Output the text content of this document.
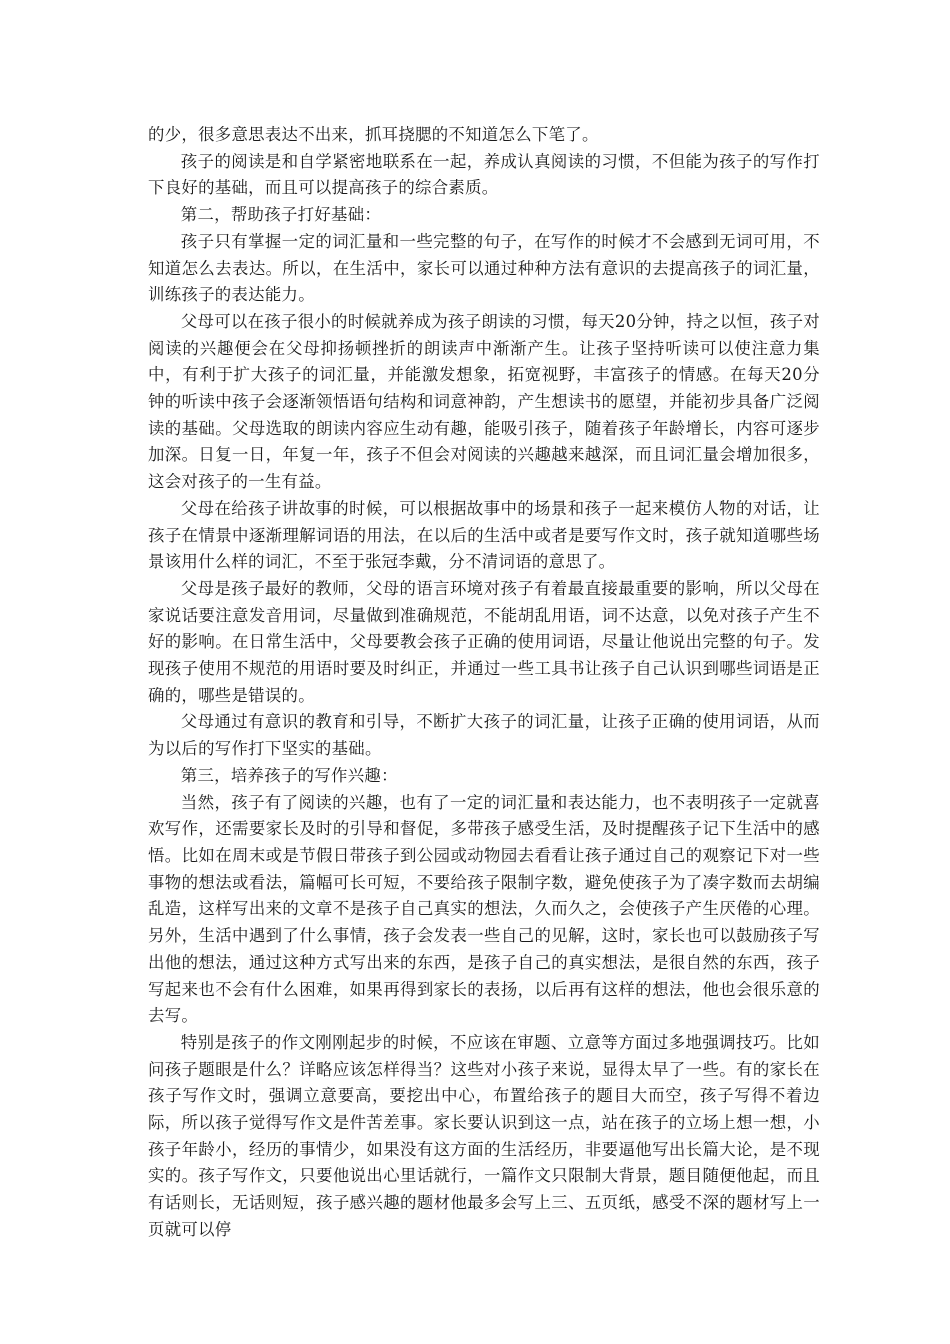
的少，很多意思表达不出来，抓耳挠腮的不知道怎么下笔了。

孩子的阅读是和自学紧密地联系在一起，养成认真阅读的习惯，不但能为孩子的写作打下良好的基础，而且可以提高孩子的综合素质。

第二，帮助孩子打好基础：

孩子只有掌握一定的词汇量和一些完整的句子，在写作的时候才不会感到无词可用，不知道怎么去表达。所以，在生活中，家长可以通过种种方法有意识的去提高孩子的词汇量，训练孩子的表达能力。

父母可以在孩子很小的时候就养成为孩子朗读的习惯，每天20分钟，持之以恒，孩子对阅读的兴趣便会在父母抑扬顿挫折的朗读声中渐渐产生。让孩子坚持听读可以使注意力集中，有利于扩大孩子的词汇量，并能激发想象，拓宽视野，丰富孩子的情感。在每天20分钟的听读中孩子会逐渐领悟语句结构和词意神韵，产生想读书的愿望，并能初步具备广泛阅读的基础。父母选取的朗读内容应生动有趣，能吸引孩子，随着孩子年龄增长，内容可逐步加深。日复一日，年复一年，孩子不但会对阅读的兴趣越来越深，而且词汇量会增加很多，这会对孩子的一生有益。

父母在给孩子讲故事的时候，可以根据故事中的场景和孩子一起来模仿人物的对话，让孩子在情景中逐渐理解词语的用法，在以后的生活中或者是要写作文时，孩子就知道哪些场景该用什么样的词汇，不至于张冠李戴，分不清词语的意思了。

父母是孩子最好的教师，父母的语言环境对孩子有着最直接最重要的影响，所以父母在家说话要注意发音用词，尽量做到准确规范，不能胡乱用语，词不达意，以免对孩子产生不好的影响。在日常生活中，父母要教会孩子正确的使用词语，尽量让他说出完整的句子。发现孩子使用不规范的用语时要及时纠正，并通过一些工具书让孩子自己认识到哪些词语是正确的，哪些是错误的。

父母通过有意识的教育和引导，不断扩大孩子的词汇量，让孩子正确的使用词语，从而为以后的写作打下坚实的基础。

第三，培养孩子的写作兴趣：

当然，孩子有了阅读的兴趣，也有了一定的词汇量和表达能力，也不表明孩子一定就喜欢写作，还需要家长及时的引导和督促，多带孩子感受生活，及时提醒孩子记下生活中的感悟。比如在周末或是节假日带孩子到公园或动物园去看看让孩子通过自己的观察记下对一些事物的想法或看法，篇幅可长可短，不要给孩子限制字数，避免使孩子为了凑字数而去胡编乱造，这样写出来的文章不是孩子自己真实的想法，久而久之，会使孩子产生厌倦的心理。另外，生活中遇到了什么事情，孩子会发表一些自己的见解，这时，家长也可以鼓励孩子写出他的想法，通过这种方式写出来的东西，是孩子自己的真实想法，是很自然的东西，孩子写起来也不会有什么困难，如果再得到家长的表扬，以后再有这样的想法，他也会很乐意的去写。

特别是孩子的作文刚刚起步的时候，不应该在审题、立意等方面过多地强调技巧。比如问孩子题眼是什么？详略应该怎样得当？这些对小孩子来说，显得太早了一些。有的家长在孩子写作文时，强调立意要高，要挖出中心，布置给孩子的题目大而空，孩子写得不着边际，所以孩子觉得写作文是件苦差事。家长要认识到这一点，站在孩子的立场上想一想，小孩子年龄小，经历的事情少，如果没有这方面的生活经历，非要逼他写出长篇大论，是不现实的。孩子写作文，只要他说出心里话就行，一篇作文只限制大背景，题目随便他起，而且有话则长，无话则短，孩子感兴趣的题材他最多会写上三、五页纸，感受不深的题材写上一页就可以停
